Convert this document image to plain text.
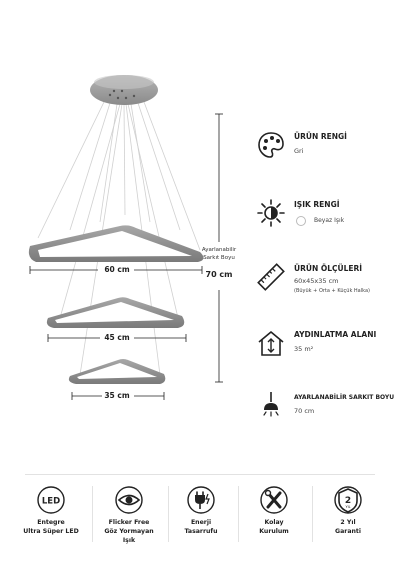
60 cm
45 cm
35 cm
Ayarlanabilir Sarkıt Boyu
70 cm
ÜRÜN RENGİ
Gri
IŞIK RENGİ
Beyaz Işık
ÜRÜN ÖLÇÜLERİ
60x45x35 cm
(Büyük + Orta + Küçük Halka)
AYDINLATMA ALANI
35 m²
AYARLANABİLİR SARKIT BOYU
70 cm
LED
Entegre
Ultra Süper LED
Flicker Free
Göz Yormayan Işık
Enerji
Tasarrufu
Kolay
Kurulum
2
YIL
2 Yıl
Garanti
